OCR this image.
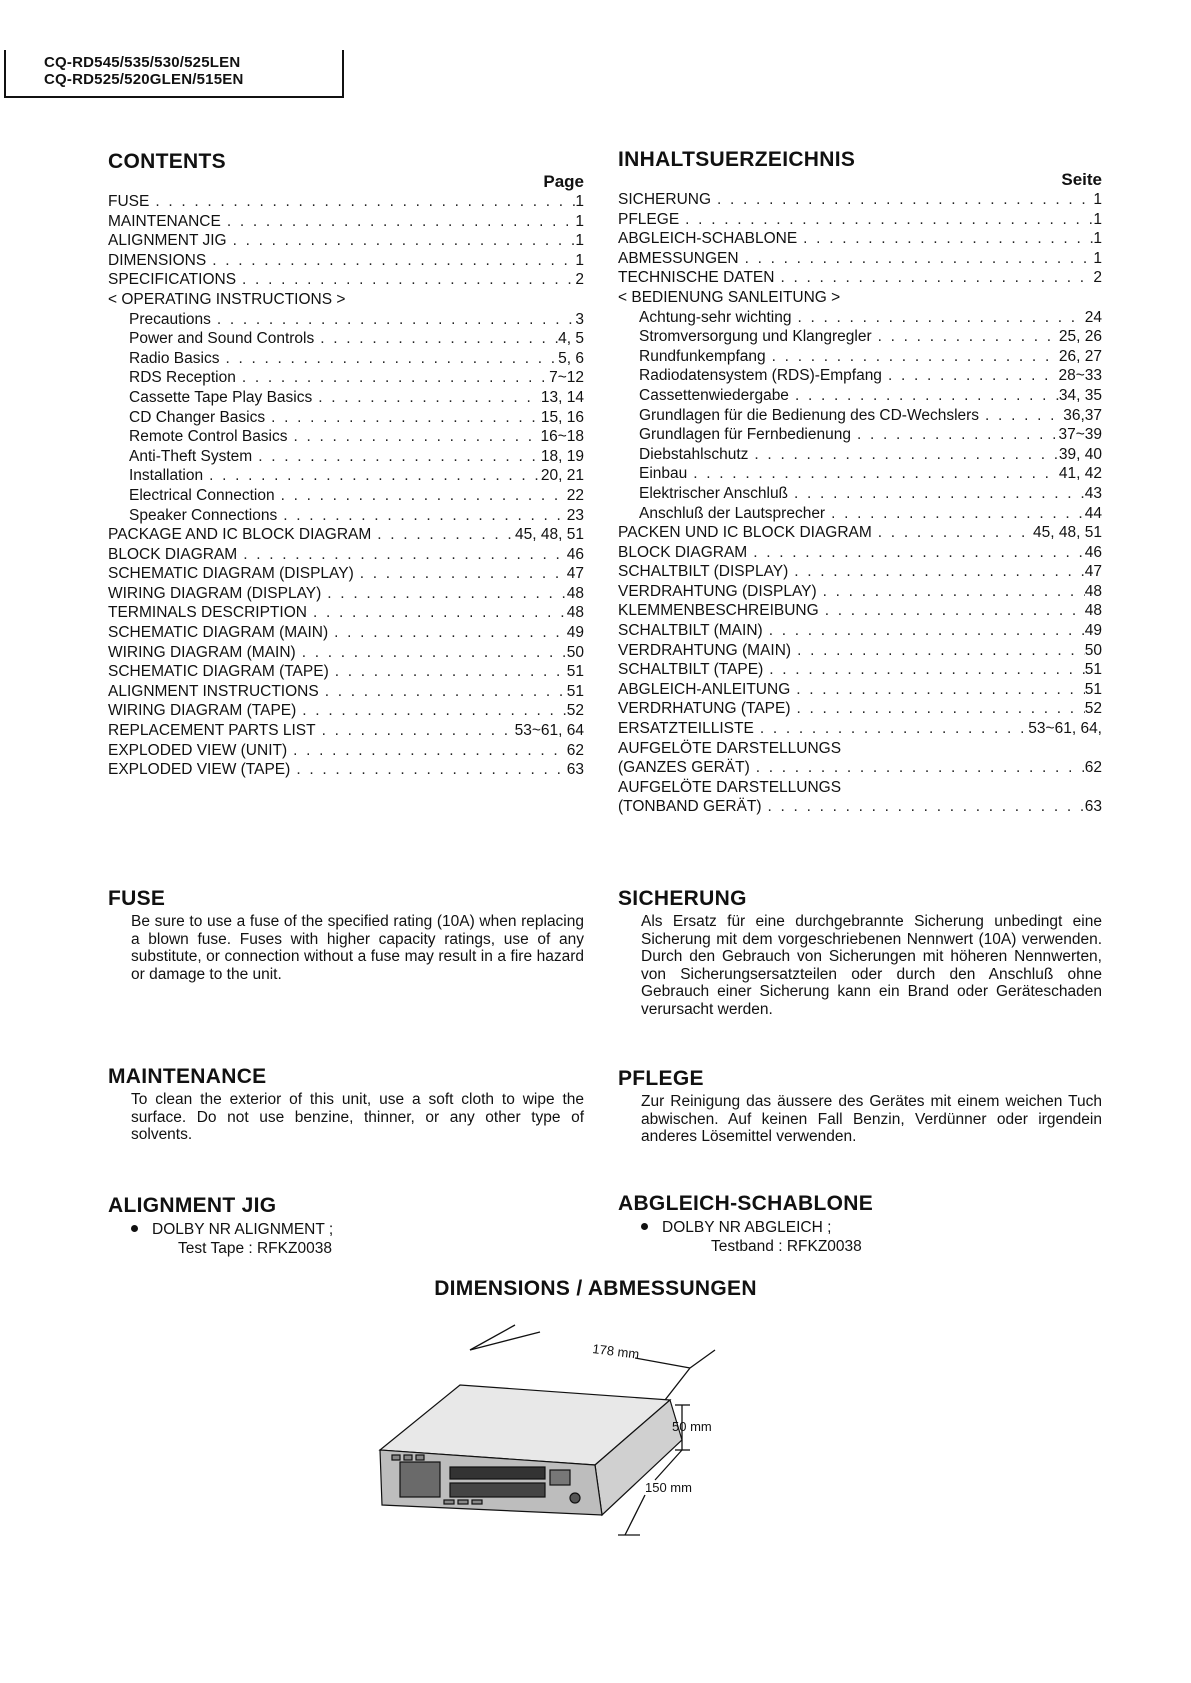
CQ-RD545/535/530/525LEN
CQ-RD525/520GLEN/515EN
CONTENTS
Page
FUSE . . .	1
MAINTENANCE . . .	1
ALIGNMENT JIG . . .	1
DIMENSIONS . . .	1
SPECIFICATIONS . . .	2
< OPERATING INSTRUCTIONS >
Precautions . . .	3
Power and Sound Controls . . .	4, 5
Radio Basics . . .	5, 6
RDS Reception . . .	7~12
Cassette Tape Play Basics . . .	13, 14
CD Changer Basics . . .	15, 16
Remote Control Basics . . .	16~18
Anti-Theft System . . .	18, 19
Installation . . .	20, 21
Electrical Connection . . .	22
Speaker Connections . . .	23
PACKAGE AND IC BLOCK DIAGRAM . . .	45, 48, 51
BLOCK DIAGRAM . . .	46
SCHEMATIC DIAGRAM (DISPLAY) . . .	47
WIRING DIAGRAM (DISPLAY) . . .	48
TERMINALS DESCRIPTION . . .	48
SCHEMATIC DIAGRAM (MAIN) . . .	49
WIRING DIAGRAM (MAIN) . . .	50
SCHEMATIC DIAGRAM (TAPE) . . .	51
ALIGNMENT INSTRUCTIONS . . .	51
WIRING DIAGRAM (TAPE) . . .	52
REPLACEMENT PARTS LIST . . .	53~61, 64
EXPLODED VIEW (UNIT) . . .	62
EXPLODED VIEW (TAPE) . . .	63
INHALTSUERZEICHNIS
Seite
SICHERUNG . . .	1
PFLEGE . . .	1
ABGLEICH-SCHABLONE . . .	1
ABMESSUNGEN . . .	1
TECHNISCHE DATEN . . .	2
< BEDIENUNG SANLEITUNG >
Achtung-sehr wichting . . .	24
Stromversorgung und Klangregler . . .	25, 26
Rundfunkempfang . . .	26, 27
Radiodatensystem (RDS)-Empfang . . .	28~33
Cassettenwiedergabe . . .	34, 35
Grundlagen für die Bedienung des CD-Wechslers . . .	36,37
Grundlagen für Fernbedienung . . .	37~39
Diebstahlschutz . . .	39, 40
Einbau . . .	41, 42
Elektrischer Anschluß . . .	43
Anschluß der Lautsprecher . . .	44
PACKEN UND IC BLOCK DIAGRAM . . .	45, 48, 51
BLOCK DIAGRAM . . .	46
SCHALTBILT (DISPLAY) . . .	47
VERDRAHTUNG (DISPLAY) . . .	48
KLEMMENBESCHREIBUNG . . .	48
SCHALTBILT (MAIN) . . .	49
VERDRAHTUNG (MAIN) . . .	50
SCHALTBILT (TAPE) . . .	51
ABGLEICH-ANLEITUNG . . .	51
VERDRHATUNG (TAPE) . . .	52
ERSATZTEILLISTE . . .	53~61, 64,
AUFGELÖTE DARSTELLUNGS
(GANZES GERÄT) . . .	62
AUFGELÖTE DARSTELLUNGS
(TONBAND GERÄT) . . .	63
FUSE

Be sure to use a fuse of the specified rating (10A) when replacing a blown fuse. Fuses with higher capacity ratings, use of any substitute, or connection without a fuse may result in a fire hazard or damage to the unit.

SICHERUNG

Als Ersatz für eine durchgebrannte Sicherung unbedingt eine Sicherung mit dem vorgeschriebenen Nennwert (10A) verwenden. Durch den Gebrauch von Sicherungen mit höheren Nennwerten, von Sicherungsersatzteilen oder durch den Anschluß ohne Gebrauch einer Sicherung kann ein Brand oder Geräteschaden verursacht werden.

MAINTENANCE

To clean the exterior of this unit, use a soft cloth to wipe the surface. Do not use benzine, thinner, or any other type of solvents.

PFLEGE

Zur Reinigung das äussere des Gerätes mit einem weichen Tuch abwischen. Auf keinen Fall Benzin, Verdünner oder irgendein anderes Lösemittel verwenden.

ALIGNMENT JIG
DOLBY NR ALIGNMENT ;
Test Tape : RFKZ0038
ABGLEICH-SCHABLONE
DOLBY NR ABGLEICH ;
Testband : RFKZ0038
DIMENSIONS / ABMESSUNGEN
178 mm
50 mm
150 mm
